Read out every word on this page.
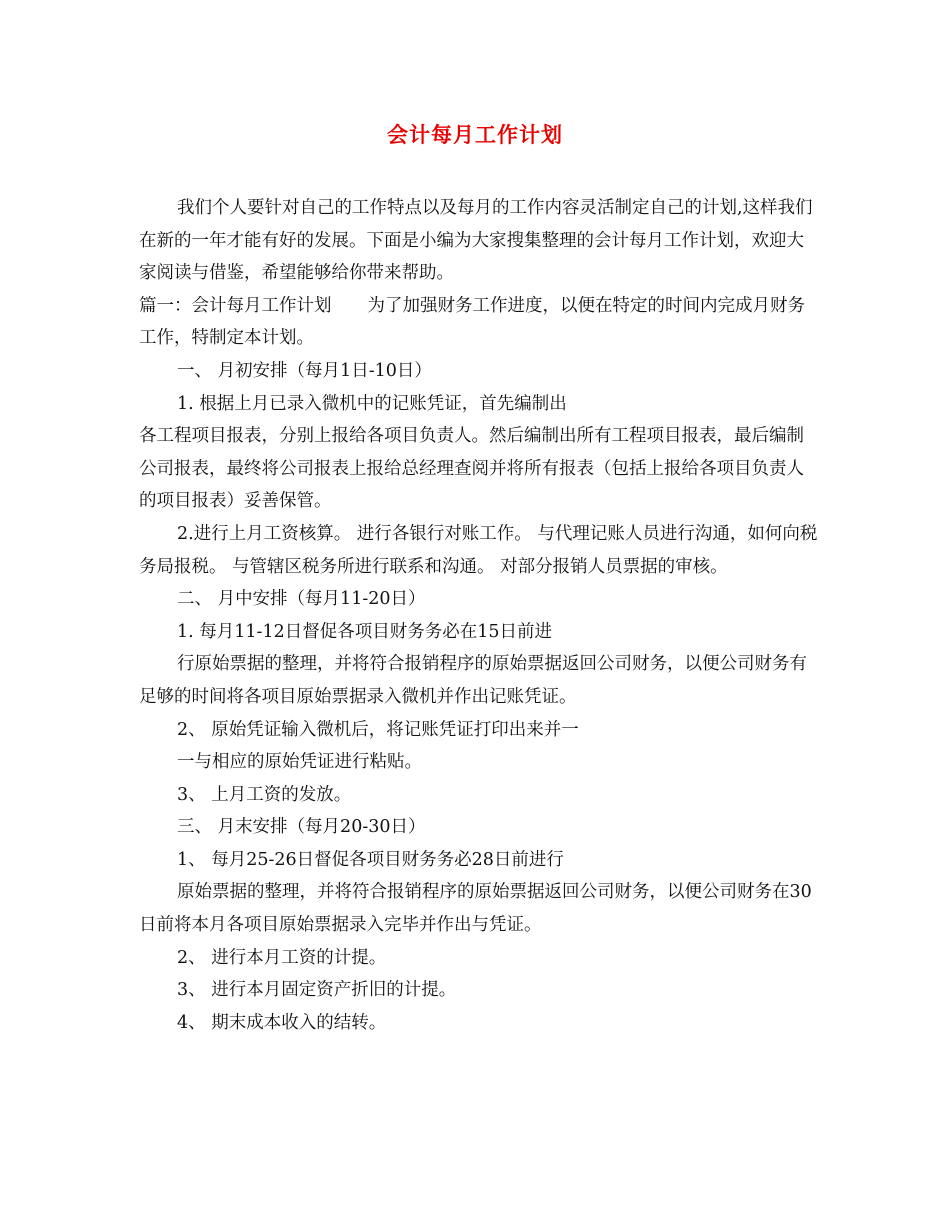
会计每月工作计划

我们个人要针对自己的工作特点以及每月的工作内容灵活制定自己的计划,这样我们在新的一年才能有好的发展。下面是小编为大家搜集整理的会计每月工作计划，欢迎大家阅读与借鉴，希望能够给你带来帮助。

篇一：会计每月工作计划 为了加强财务工作进度，以便在特定的时间内完成月财务工作，特制定本计划。

一、 月初安排（每月1日-10日）

1. 根据上月已录入微机中的记账凭证，首先编制出

各工程项目报表，分别上报给各项目负责人。然后编制出所有工程项目报表，最后编制公司报表，最终将公司报表上报给总经理查阅并将所有报表（包括上报给各项目负责人的项目报表）妥善保管。

2.进行上月工资核算。 进行各银行对账工作。 与代理记账人员进行沟通，如何向税务局报税。 与管辖区税务所进行联系和沟通。 对部分报销人员票据的审核。

二、 月中安排（每月11-20日）

1. 每月11-12日督促各项目财务务必在15日前进

行原始票据的整理，并将符合报销程序的原始票据返回公司财务，以便公司财务有足够的时间将各项目原始票据录入微机并作出记账凭证。

2、 原始凭证输入微机后，将记账凭证打印出来并一

一与相应的原始凭证进行粘贴。

3、 上月工资的发放。

三、 月末安排（每月20-30日）

1、 每月25-26日督促各项目财务务必28日前进行

原始票据的整理，并将符合报销程序的原始票据返回公司财务，以便公司财务在30日前将本月各项目原始票据录入完毕并作出与凭证。

2、 进行本月工资的计提。

3、 进行本月固定资产折旧的计提。

4、 期末成本收入的结转。
